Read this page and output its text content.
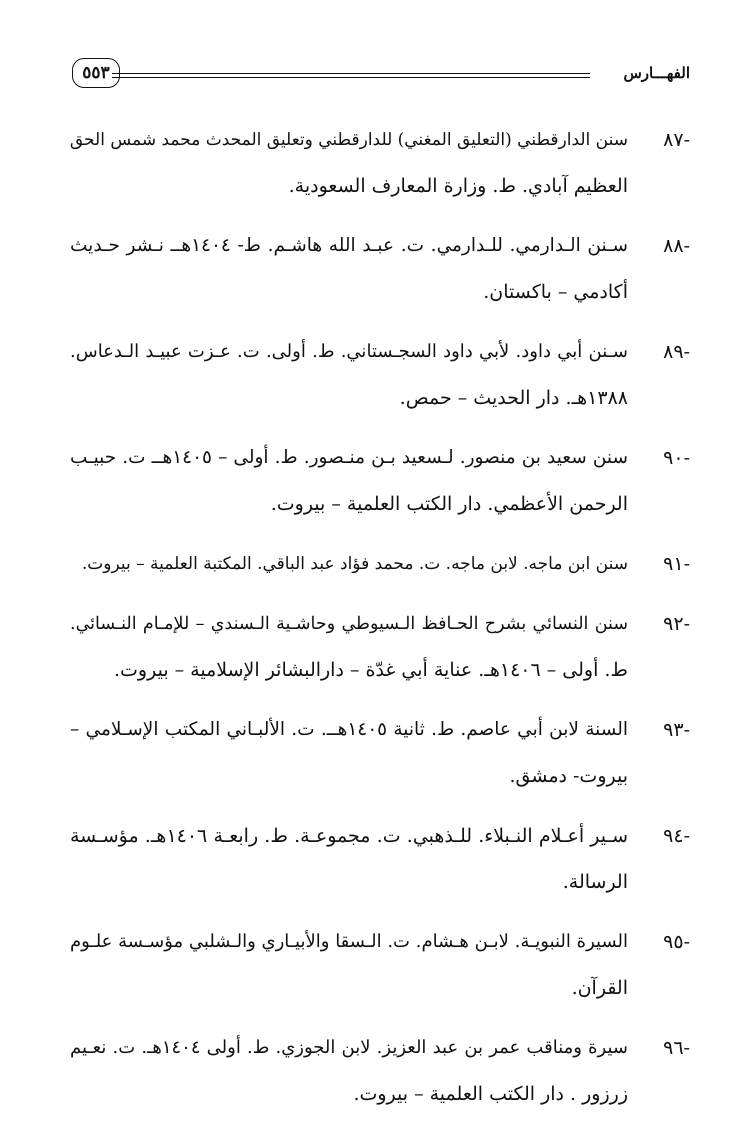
الفهـــارس
٥٥٣
-٨٧
سنن الدارقطني (التعليق المغني) للدارقطني وتعليق المحدث محمد شمس الحق
العظيم آبادي. ط. وزارة المعارف السعودية.
-٨٨
سـنن الـدارمي. للـدارمي. ت. عبـد الله هاشـم. ط- ١٤٠٤هــ نـشر حـديث
أكادمي – باكستان.
-٨٩
سـنن أبي داود. لأبي داود السجـستاني. ط. أولى. ت. عـزت عبيـد الـدعاس.
١٣٨٨هـ. دار الحديث – حمص.
-٩٠
سنن سعيد بن منصور. لـسعيد بـن منـصور. ط. أولى – ١٤٠٥هــ ت. حبيـب
الرحمن الأعظمي. دار الكتب العلمية – بيروت.
-٩١
سنن ابن ماجه. لابن ماجه. ت. محمد فؤاد عبد الباقي. المكتبة العلمية – بيروت.
-٩٢
سنن النسائي بشرح الحـافظ الـسيوطي وحاشـية الـسندي – للإمـام النـسائي.
ط. أولى – ١٤٠٦هـ. عناية أبي غدّة – دارالبشائر الإسلامية – بيروت.
-٩٣
السنة لابن أبي عاصم. ط. ثانية ١٤٠٥هــ. ت. الألبـاني المكتب الإسـلامي –
بيروت- دمشق.
-٩٤
سـير أعـلام النـبلاء. للـذهبي. ت. مجموعـة. ط. رابعـة ١٤٠٦هـ. مؤسـسة
الرسالة.
-٩٥
السيرة النبويـة. لابـن هـشام. ت. الـسقا والأبيـاري والـشلبي مؤسـسة علـوم
القرآن.
-٩٦
سيرة ومناقب عمر بن عبد العزيز. لابن الجوزي. ط. أولى ١٤٠٤هـ. ت. نعـيم
زرزور . دار الكتب العلمية – بيروت.
